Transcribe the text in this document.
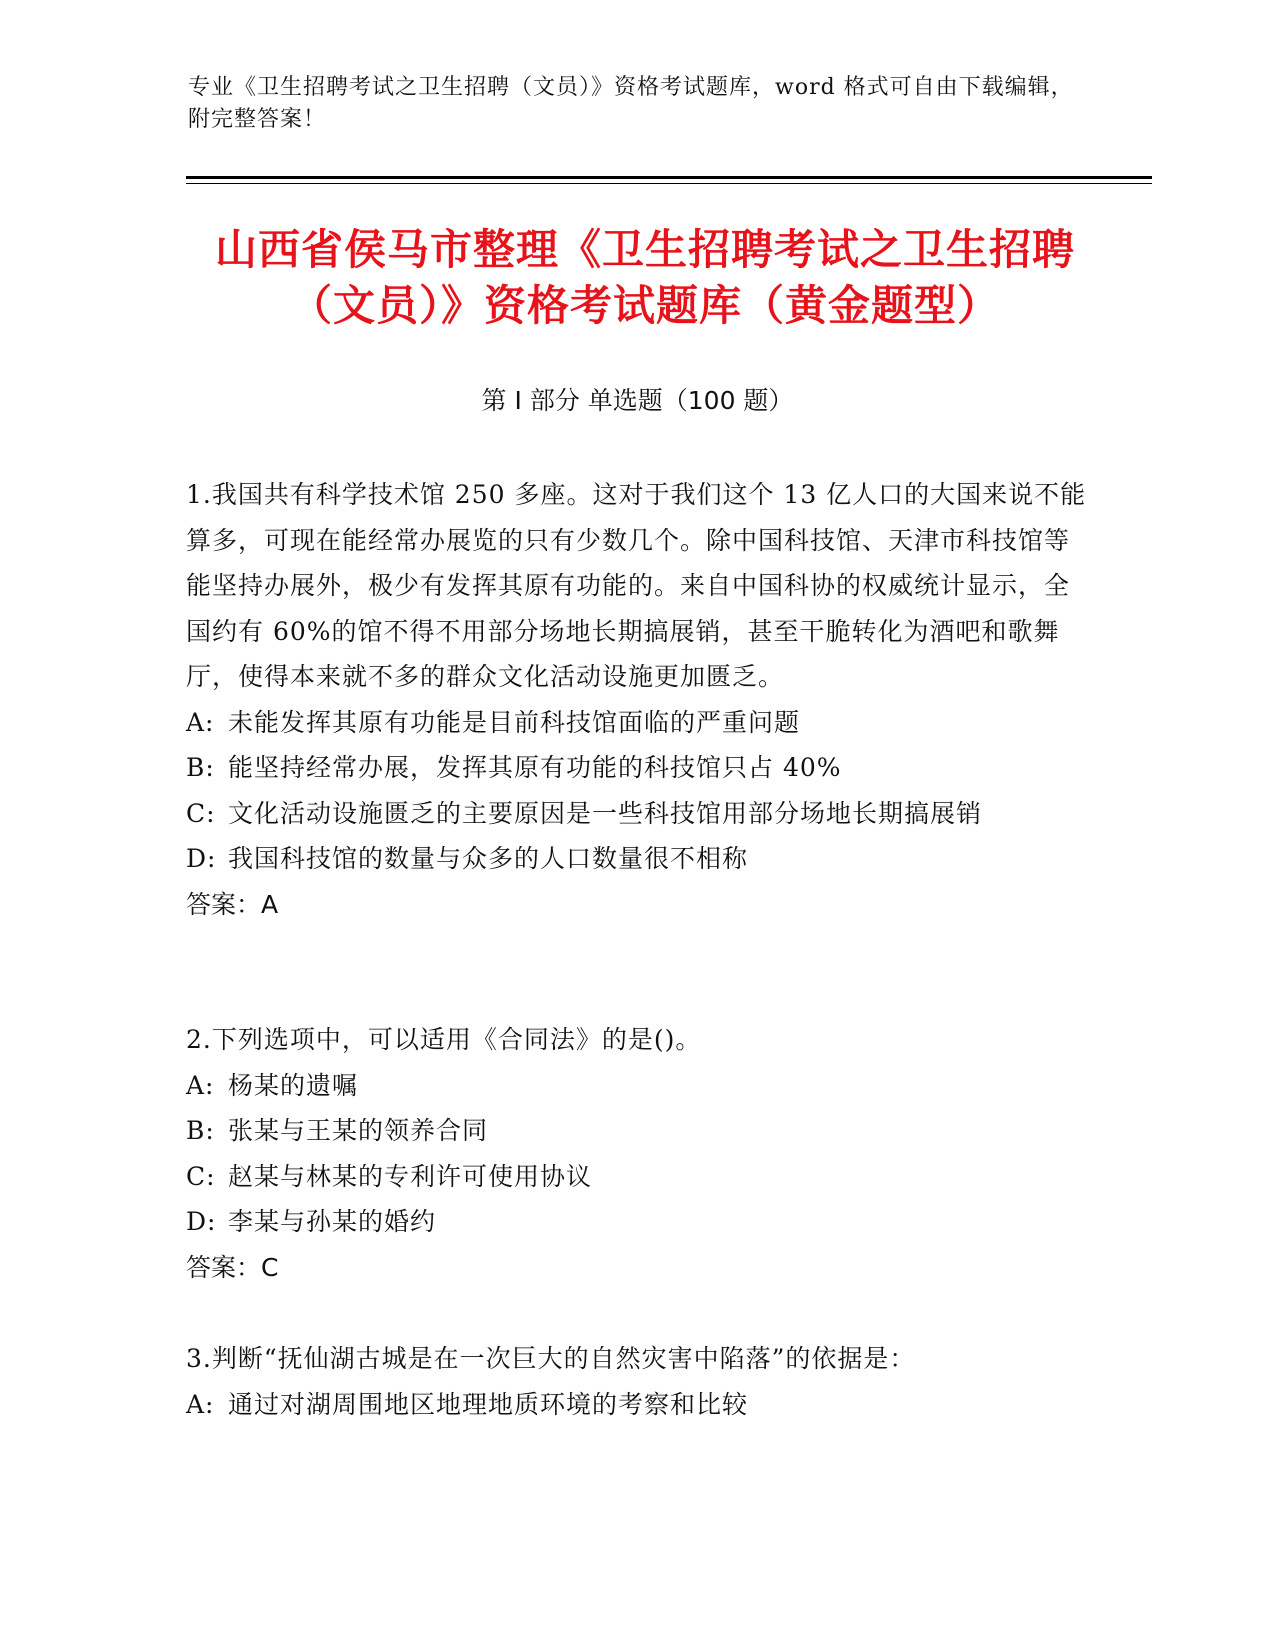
专业《卫生招聘考试之卫生招聘（文员）》资格考试题库，word 格式可自由下载编辑，附完整答案！
山西省侯马市整理《卫生招聘考试之卫生招聘（文员）》资格考试题库（黄金题型）
第 I 部分 单选题（100 题）
1.我国共有科学技术馆 250 多座。这对于我们这个 13 亿人口的大国来说不能算多，可现在能经常办展览的只有少数几个。除中国科技馆、天津市科技馆等能坚持办展外，极少有发挥其原有功能的。来自中国科协的权威统计显示，全国约有 60%的馆不得不用部分场地长期搞展销，甚至干脆转化为酒吧和歌舞厅，使得本来就不多的群众文化活动设施更加匮乏。
A: 未能发挥其原有功能是目前科技馆面临的严重问题
B: 能坚持经常办展，发挥其原有功能的科技馆只占 40%
C: 文化活动设施匮乏的主要原因是一些科技馆用部分场地长期搞展销
D: 我国科技馆的数量与众多的人口数量很不相称
答案：A
2.下列选项中，可以适用《合同法》的是()。
A: 杨某的遗嘱
B: 张某与王某的领养合同
C: 赵某与林某的专利许可使用协议
D: 李某与孙某的婚约
答案：C
3.判断“抚仙湖古城是在一次巨大的自然灾害中陷落”的依据是：
A: 通过对湖周围地区地理地质环境的考察和比较
